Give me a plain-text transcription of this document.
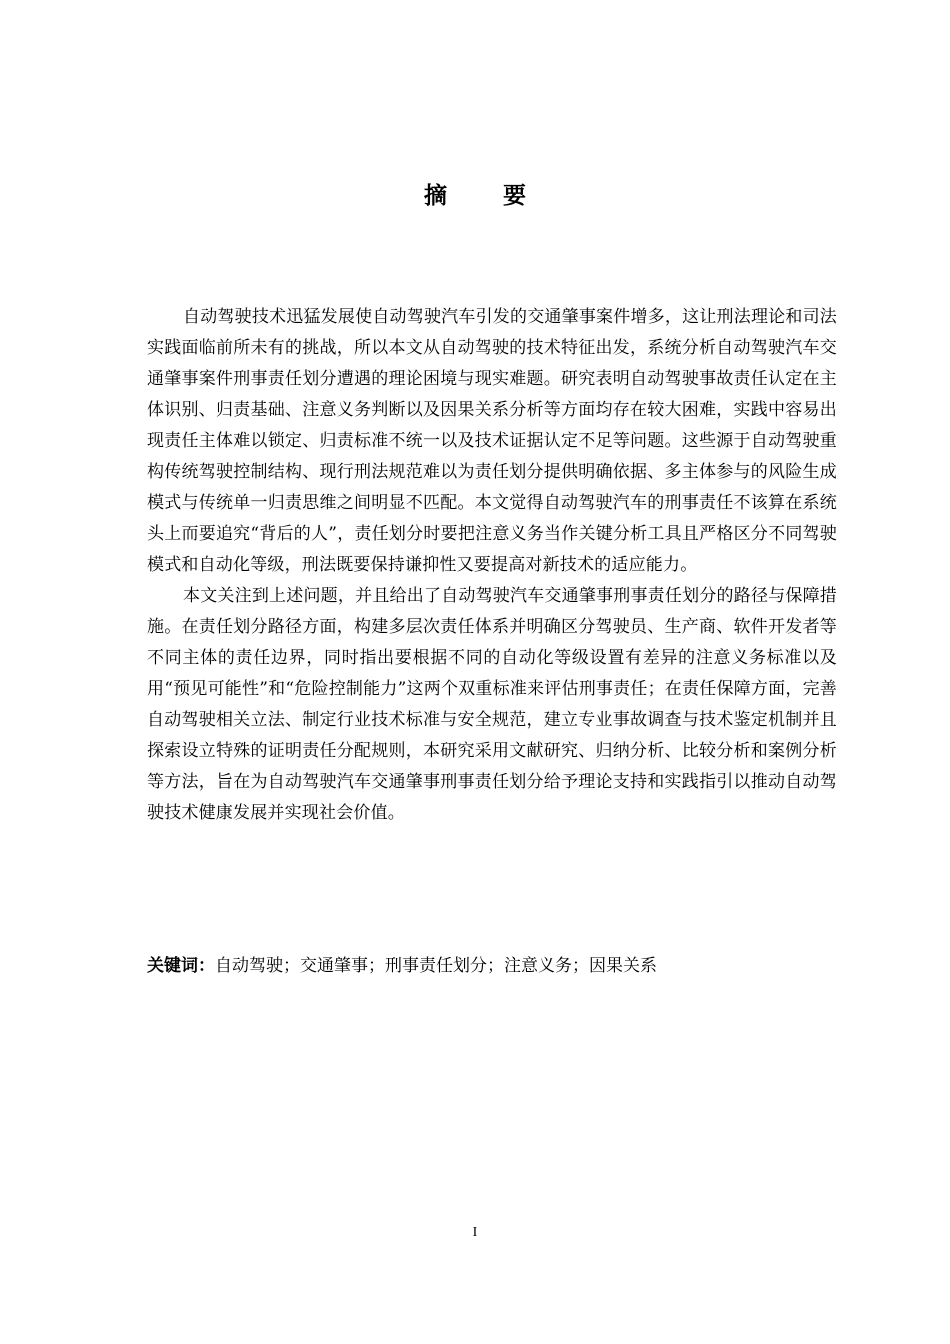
摘 要

自动驾驶技术迅猛发展使自动驾驶汽车引发的交通肇事案件增多，这让刑法理论和司法实践面临前所未有的挑战，所以本文从自动驾驶的技术特征出发，系统分析自动驾驶汽车交通肇事案件刑事责任划分遭遇的理论困境与现实难题。研究表明自动驾驶事故责任认定在主体识别、归责基础、注意义务判断以及因果关系分析等方面均存在较大困难，实践中容易出现责任主体难以锁定、归责标准不统一以及技术证据认定不足等问题。这些源于自动驾驶重构传统驾驶控制结构、现行刑法规范难以为责任划分提供明确依据、多主体参与的风险生成模式与传统单一归责思维之间明显不匹配。本文觉得自动驾驶汽车的刑事责任不该算在系统头上而要追究“背后的人”，责任划分时要把注意义务当作关键分析工具且严格区分不同驾驶模式和自动化等级，刑法既要保持谦抑性又要提高对新技术的适应能力。

本文关注到上述问题，并且给出了自动驾驶汽车交通肇事刑事责任划分的路径与保障措施。在责任划分路径方面，构建多层次责任体系并明确区分驾驶员、生产商、软件开发者等不同主体的责任边界，同时指出要根据不同的自动化等级设置有差异的注意义务标准以及用“预见可能性”和“危险控制能力”这两个双重标准来评估刑事责任；在责任保障方面，完善自动驾驶相关立法、制定行业技术标准与安全规范，建立专业事故调查与技术鉴定机制并且探索设立特殊的证明责任分配规则，本研究采用文献研究、归纳分析、比较分析和案例分析等方法，旨在为自动驾驶汽车交通肇事刑事责任划分给予理论支持和实践指引以推动自动驾驶技术健康发展并实现社会价值。

关键词：自动驾驶；交通肇事；刑事责任划分；注意义务；因果关系
I
